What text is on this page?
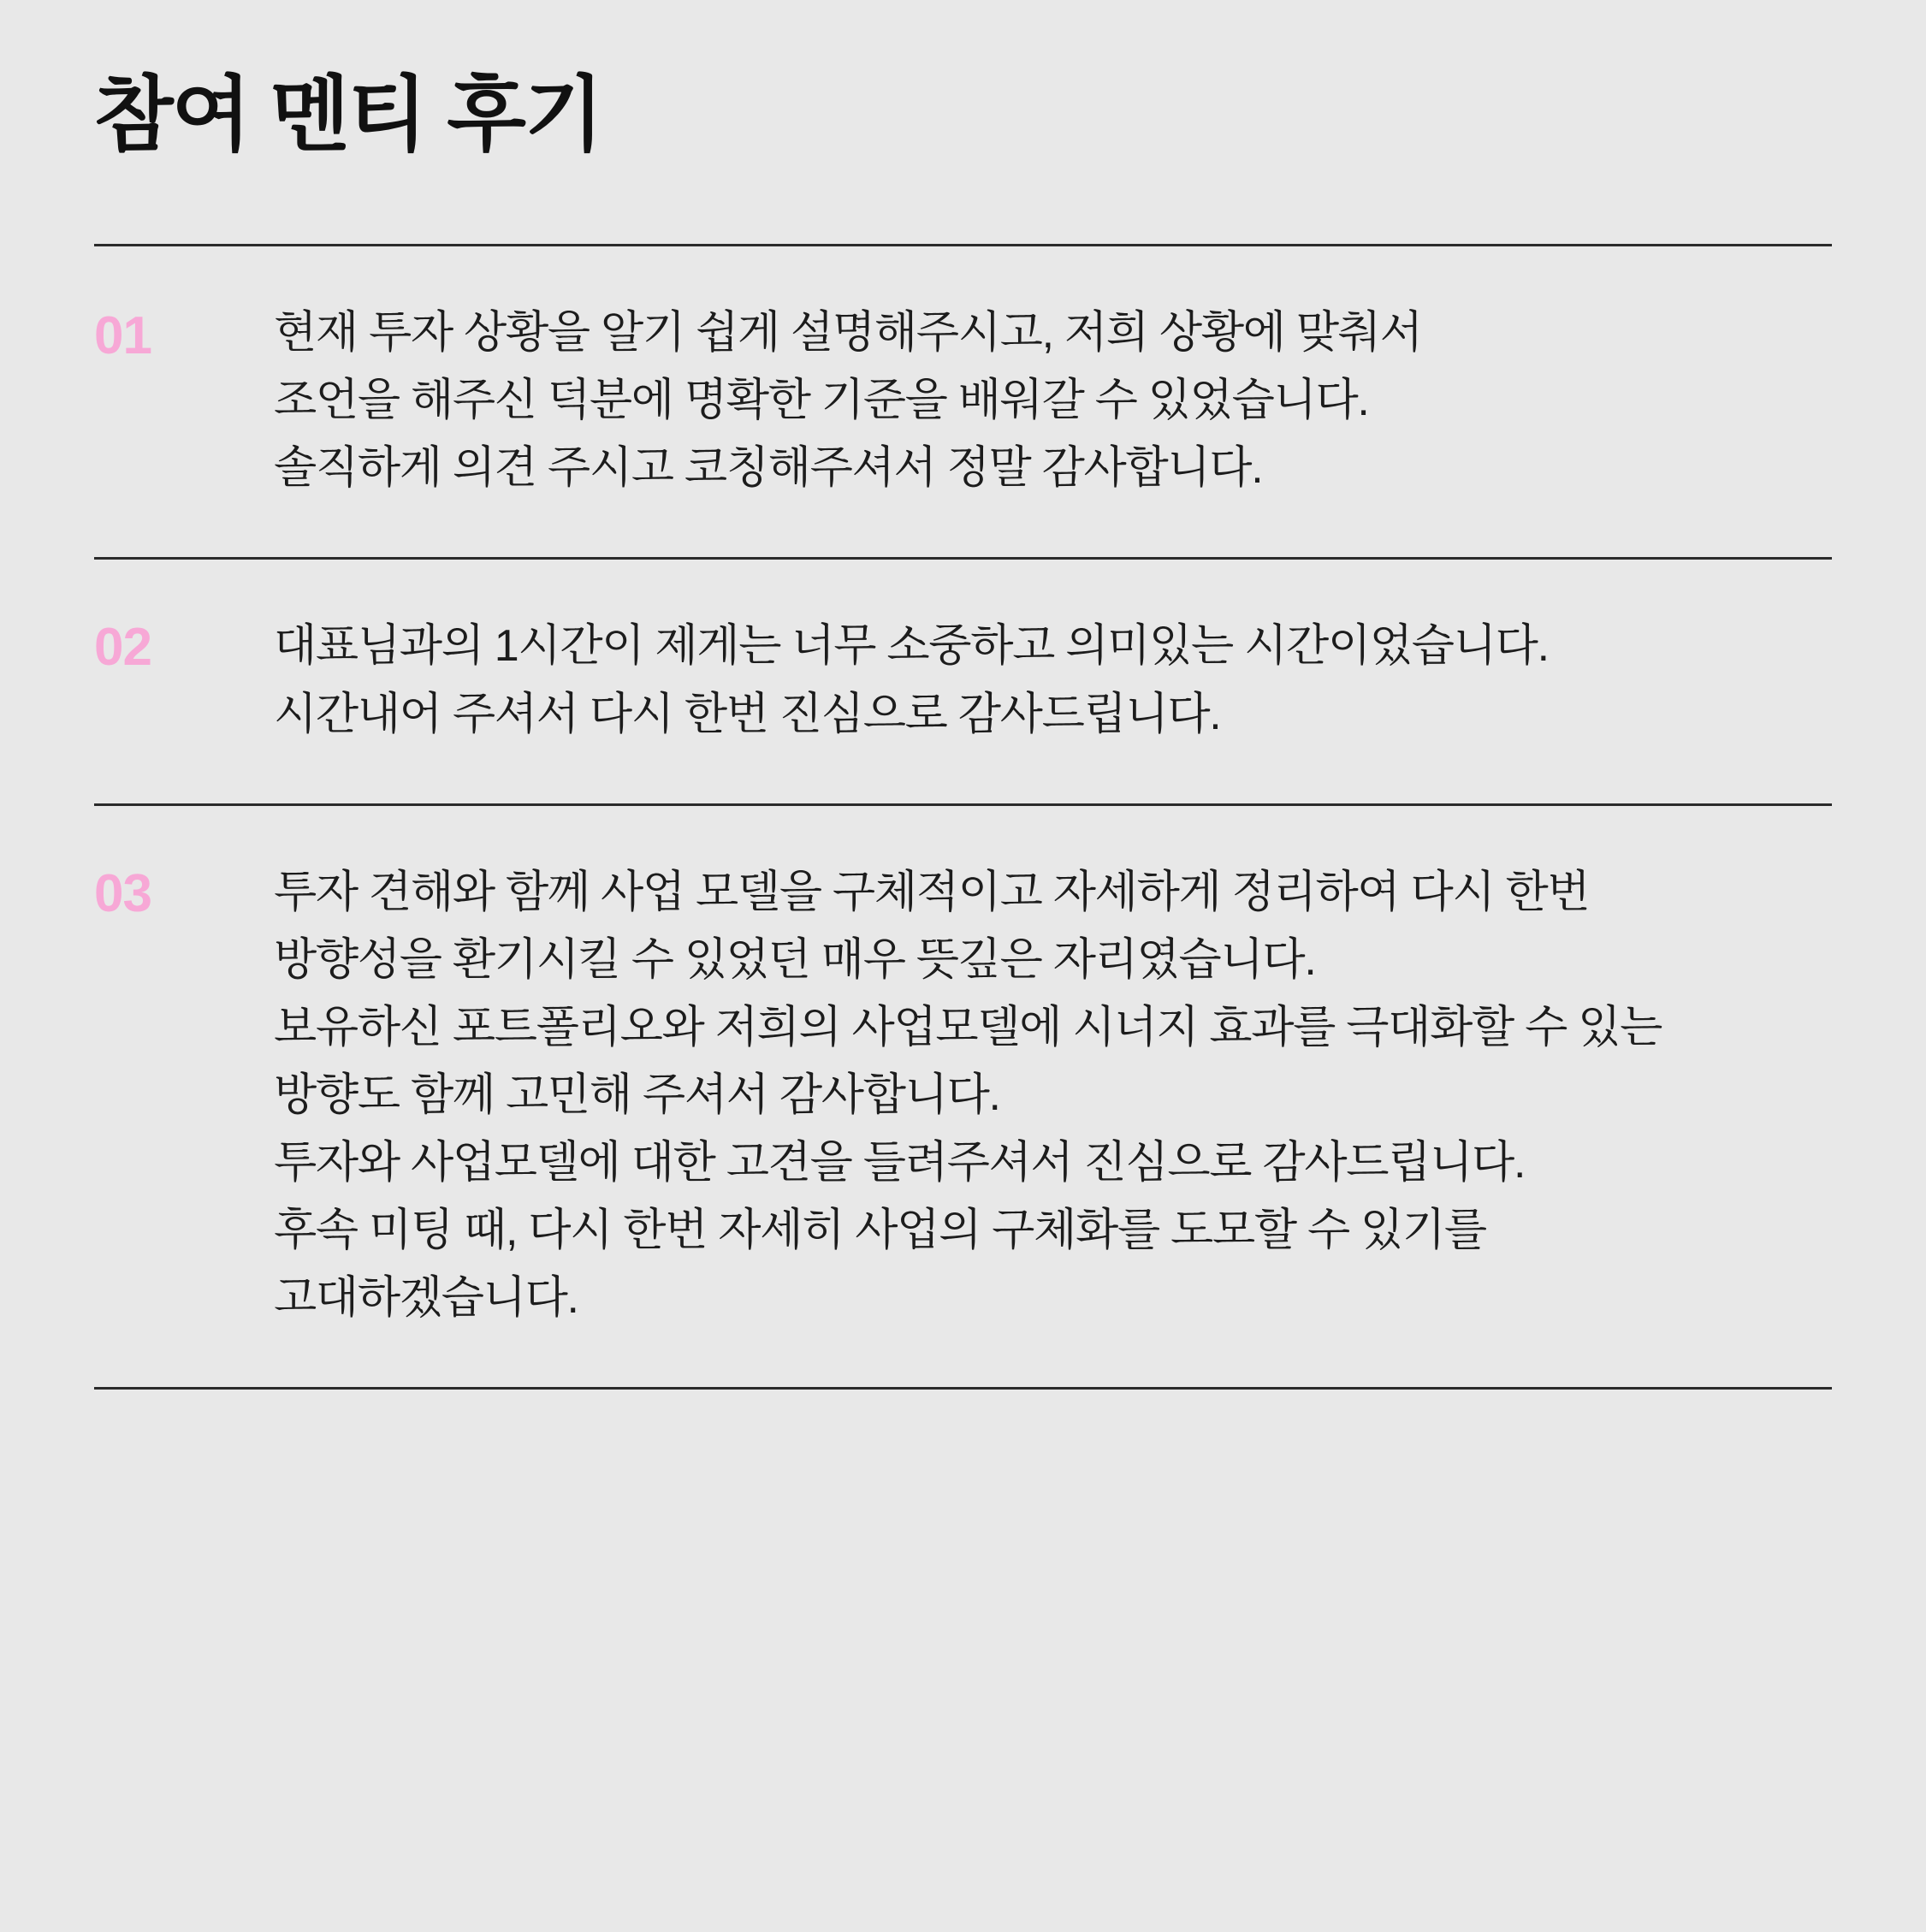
참여 멘티 후기
01	현재 투자 상황을 알기 쉽게 설명해주시고, 저희 상황에 맞춰서
조언을 해주신 덕분에 명확한 기준을 배워갈 수 있었습니다.
솔직하게 의견 주시고 코칭해주셔서 정말 감사합니다.
02	대표님과의 1시간이 제게는 너무 소중하고 의미있는 시간이었습니다.
시간내어 주셔서 다시 한번 진심으로 감사드립니다.
03	투자 견해와 함께 사업 모델을 구체적이고 자세하게 정리하여 다시 한번
방향성을 환기시킬 수 있었던 매우 뜻깊은 자리였습니다.
보유하신 포트폴리오와 저희의 사업모델에 시너지 효과를 극대화할 수 있는
방향도 함께 고민해 주셔서 감사합니다.
투자와 사업모델에 대한 고견을 들려주셔서 진심으로 감사드립니다.
후속 미팅 때, 다시 한번 자세히 사업의 구체화를 도모할 수 있기를
고대하겠습니다.
